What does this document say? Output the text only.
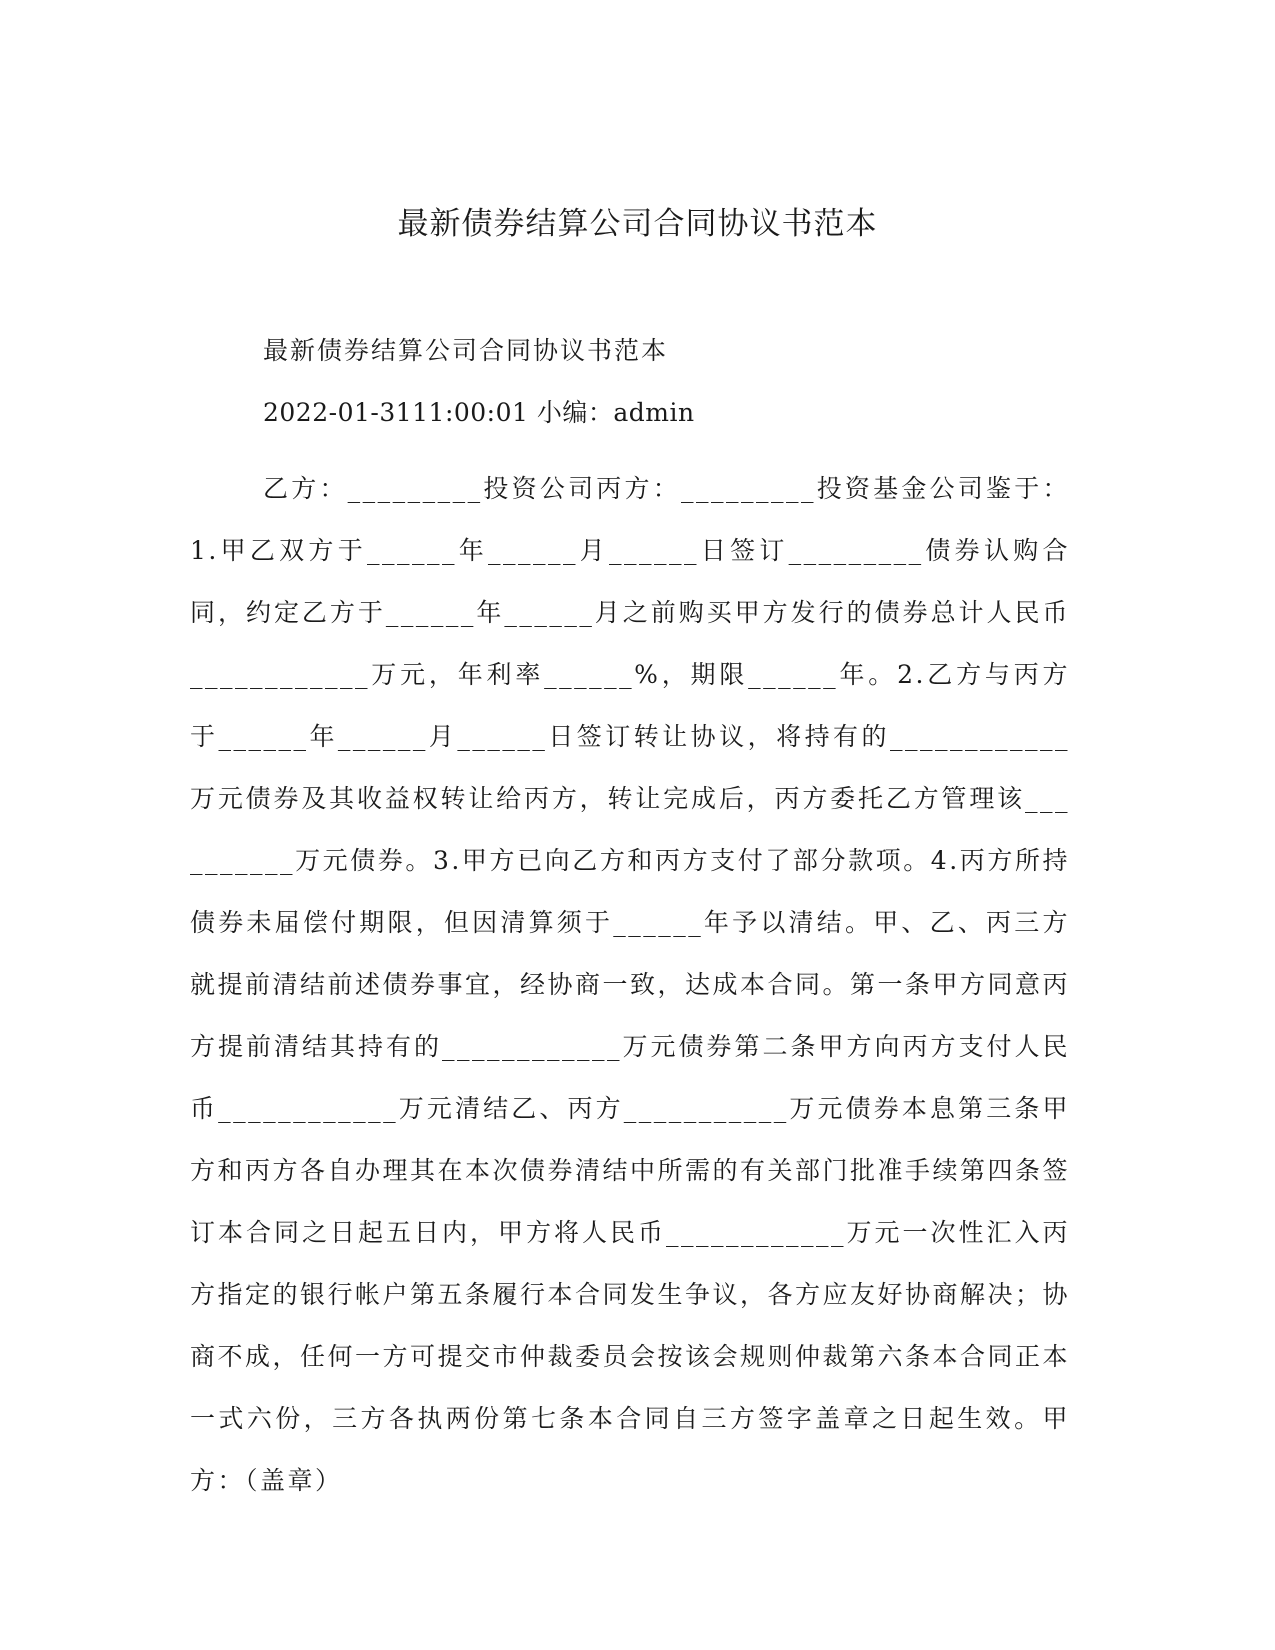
最新债券结算公司合同协议书范本
最新债券结算公司合同协议书范本
2022-01-3111:00:01 小编：admin
乙方：_________投资公司丙方：_________投资基金公司鉴于：1.甲乙双方于______年______月______日签订_________债券认购合同，约定乙方于______年______月之前购买甲方发行的债券总计人民币____________万元，年利率______%，期限______年。2.乙方与丙方于______年______月______日签订转让协议，将持有的____________万元债券及其收益权转让给丙方，转让完成后，丙方委托乙方管理该__________万元债券。3.甲方已向乙方和丙方支付了部分款项。4.丙方所持债券未届偿付期限，但因清算须于______年予以清结。甲、乙、丙三方就提前清结前述债券事宜，经协商一致，达成本合同。第一条甲方同意丙方提前清结其持有的____________万元债券第二条甲方向丙方支付人民币____________万元清结乙、丙方___________万元债券本息第三条甲方和丙方各自办理其在本次债券清结中所需的有关部门批准手续第四条签订本合同之日起五日内，甲方将人民币____________万元一次性汇入丙方指定的银行帐户第五条履行本合同发生争议，各方应友好协商解决；协商不成，任何一方可提交市仲裁委员会按该会规则仲裁第六条本合同正本一式六份，三方各执两份第七条本合同自三方签字盖章之日起生效。甲方：（盖章）
